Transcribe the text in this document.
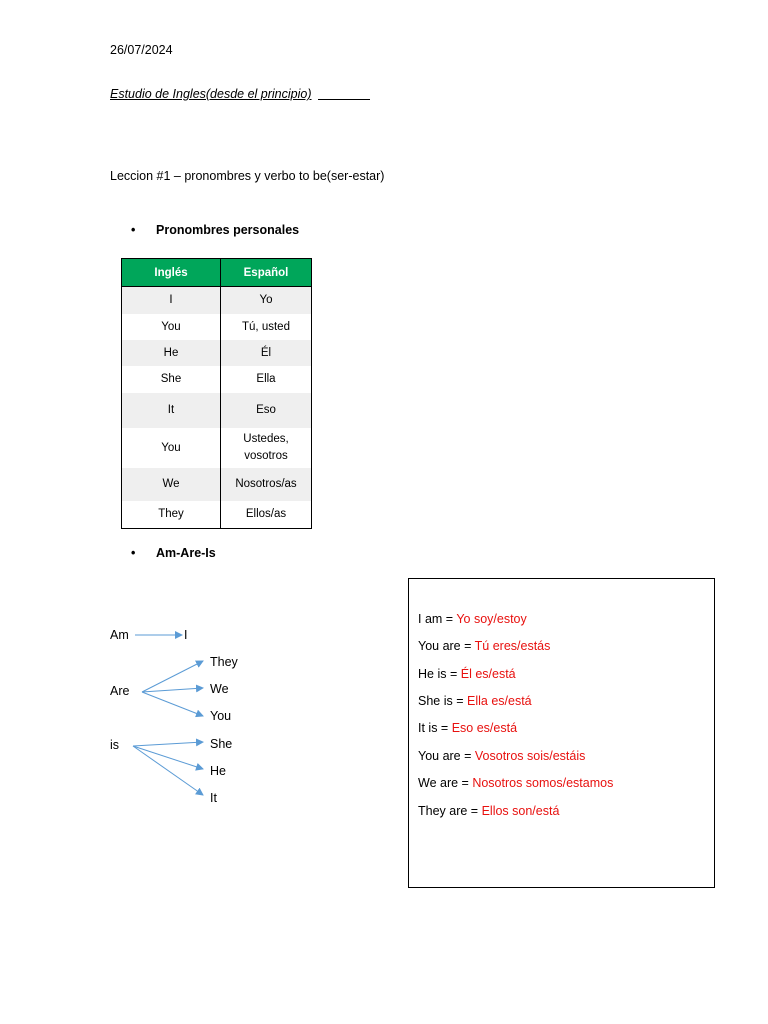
26/07/2024
Estudio de Ingles(desde el principio)
Leccion #1 – pronombres y verbo to be(ser-estar)
• Pronombres personales
Inglés	Español
I	Yo
You	Tú, usted
He	Él
She	Ella
It	Eso
You	Ustedes, vosotros
We	Nosotros/as
They	Ellos/as
• Am-Are-Is
Am	I
Are
They
We
You
is	She
He
It
I am = Yo soy/estoy
You are = Tú eres/estás
He is = Él es/está
She is = Ella es/está
It is = Eso es/está
You are = Vosotros sois/estáis
We are = Nosotros somos/estamos
They are = Ellos son/está
